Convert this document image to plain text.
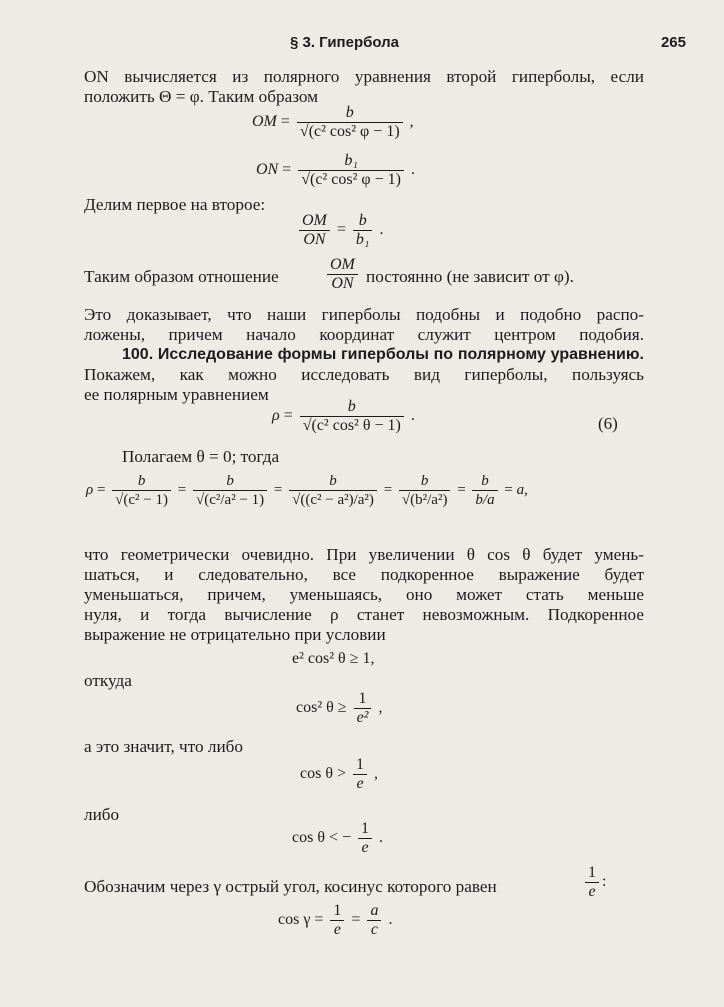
§ 3. Гипербола	265
ON вычисляется из полярного уравнения второй гиперболы, если
положить Θ = φ. Таким образом
OM = $\frac{b}{\text{√(c² cos² φ − 1)}}$ ,
ON = $\frac{\text{b₁}}{\text{√(c² cos² φ − 1)}}$ .
Делим первое на второе:
$\frac{OM}{ON} = \frac{b}{\text{b₁}}$ .
Таким образом отношение	$\frac{OM}{ON}$ постоянно (не зависит от φ).
Это доказывает, что наши гиперболы подобны и подобно распо-
ложены, причем начало координат служит центром подобия.
100. Исследование формы гиперболы по полярному уравнению.
Покажем, как можно исследовать вид гиперболы, пользуясь
ее полярным уравнением
$\rho = \frac{b}{\text{√(c² cos² θ − 1)}}$ .	(6)
Полагаем θ = 0; тогда
$\rho = \frac{b}{\text{√(c² − 1)}} = \frac{b}{\text{√(c²/a² − 1)}} = \frac{b}{\text{√((c² − a²)/a²)}} = \frac{b}{\text{√(b²/a²)}} = \frac{b}{b/a} = a$,
что геометрически очевидно. При увеличении θ cos θ будет умень-
шаться, и следовательно, все подкоренное выражение будет
уменьшаться, причем, уменьшаясь, оно может стать меньше
нуля, и тогда вычисление ρ станет невозможным. Подкоренное
выражение не отрицательно при условии
e² cos² θ ≥ 1,
откуда
cos² $\theta \ge \frac{1}{\text{e²}}$ ,
а это значит, что либо
$\cos \theta > \frac{1}{e}$ ,
либо
cos θ < − $\frac{1}{e}$ .
Обозначим через γ острый угол, косинус которого равен	$\frac{1}{e}$ :
$\cos \gamma = \frac{1}{e} = \frac{a}{c}$ .
